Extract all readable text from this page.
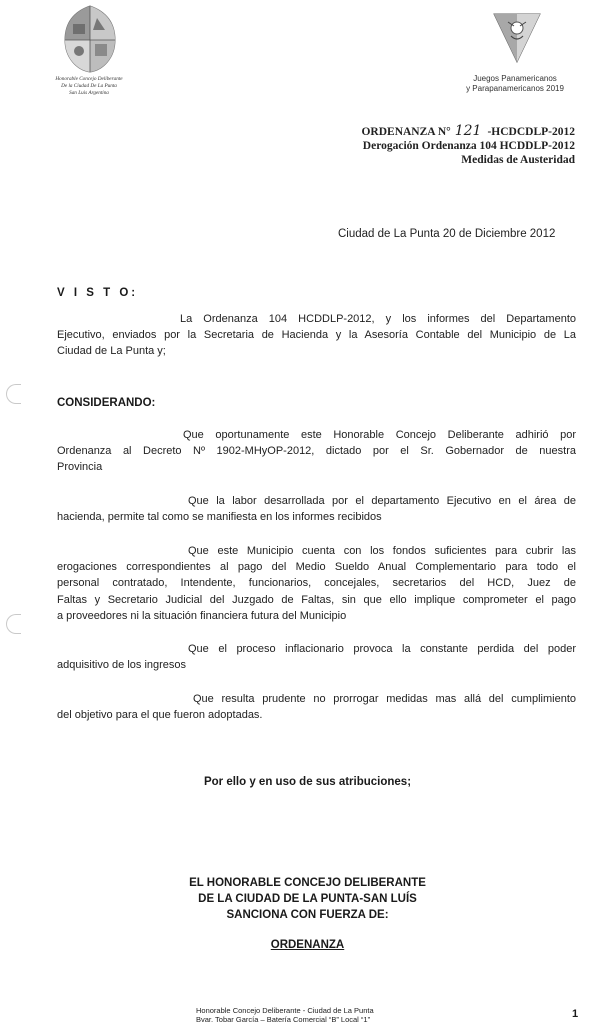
Honorable Concejo Deliberante
De la Ciudad De La Punta
San Luis Argentina
Juegos Panamericanos
y Parapanamericanos 2019
ORDENANZA N° 121 -HCDCDLP-2012
Derogación Ordenanza 104 HCDDLP-2012
Medidas de Austeridad
Ciudad de La Punta 20 de Diciembre 2012
V I S T O:
La Ordenanza 104 HCDDLP-2012, y los informes del Departamento
Ejecutivo, enviados por la Secretaria de Hacienda y la Asesoría Contable del Municipio de La
Ciudad de La Punta y;
CONSIDERANDO:
Que oportunamente este Honorable Concejo Deliberante adhirió por
Ordenanza al Decreto Nº 1902-MHyOP-2012, dictado por el Sr. Gobernador de nuestra
Provincia
Que la labor desarrollada por el departamento Ejecutivo en el área de
hacienda, permite tal como se manifiesta en los informes recibidos
Que este Municipio cuenta con los fondos suficientes para cubrir las
erogaciones correspondientes al pago del Medio Sueldo Anual Complementario para todo el
personal contratado, Intendente, funcionarios, concejales, secretarios del HCD, Juez de
Faltas y Secretario Judicial del Juzgado de Faltas, sin que ello implique comprometer el pago
a proveedores ni la situación financiera futura del Municipio
Que el proceso inflacionario provoca la constante perdida del poder
adquisitivo de los ingresos
Que resulta prudente no prorrogar medidas mas allá del cumplimiento
del objetivo para el que fueron adoptadas.
Por ello y en uso de sus atribuciones;
EL HONORABLE CONCEJO DELIBERANTE
DE LA CIUDAD DE LA PUNTA-SAN LUÍS
SANCIONA CON FUERZA DE:
ORDENANZA
Honorable Concejo Deliberante - Ciudad de La Punta
Bvar. Tobar García – Batería Comercial “B” Local “1”	1
